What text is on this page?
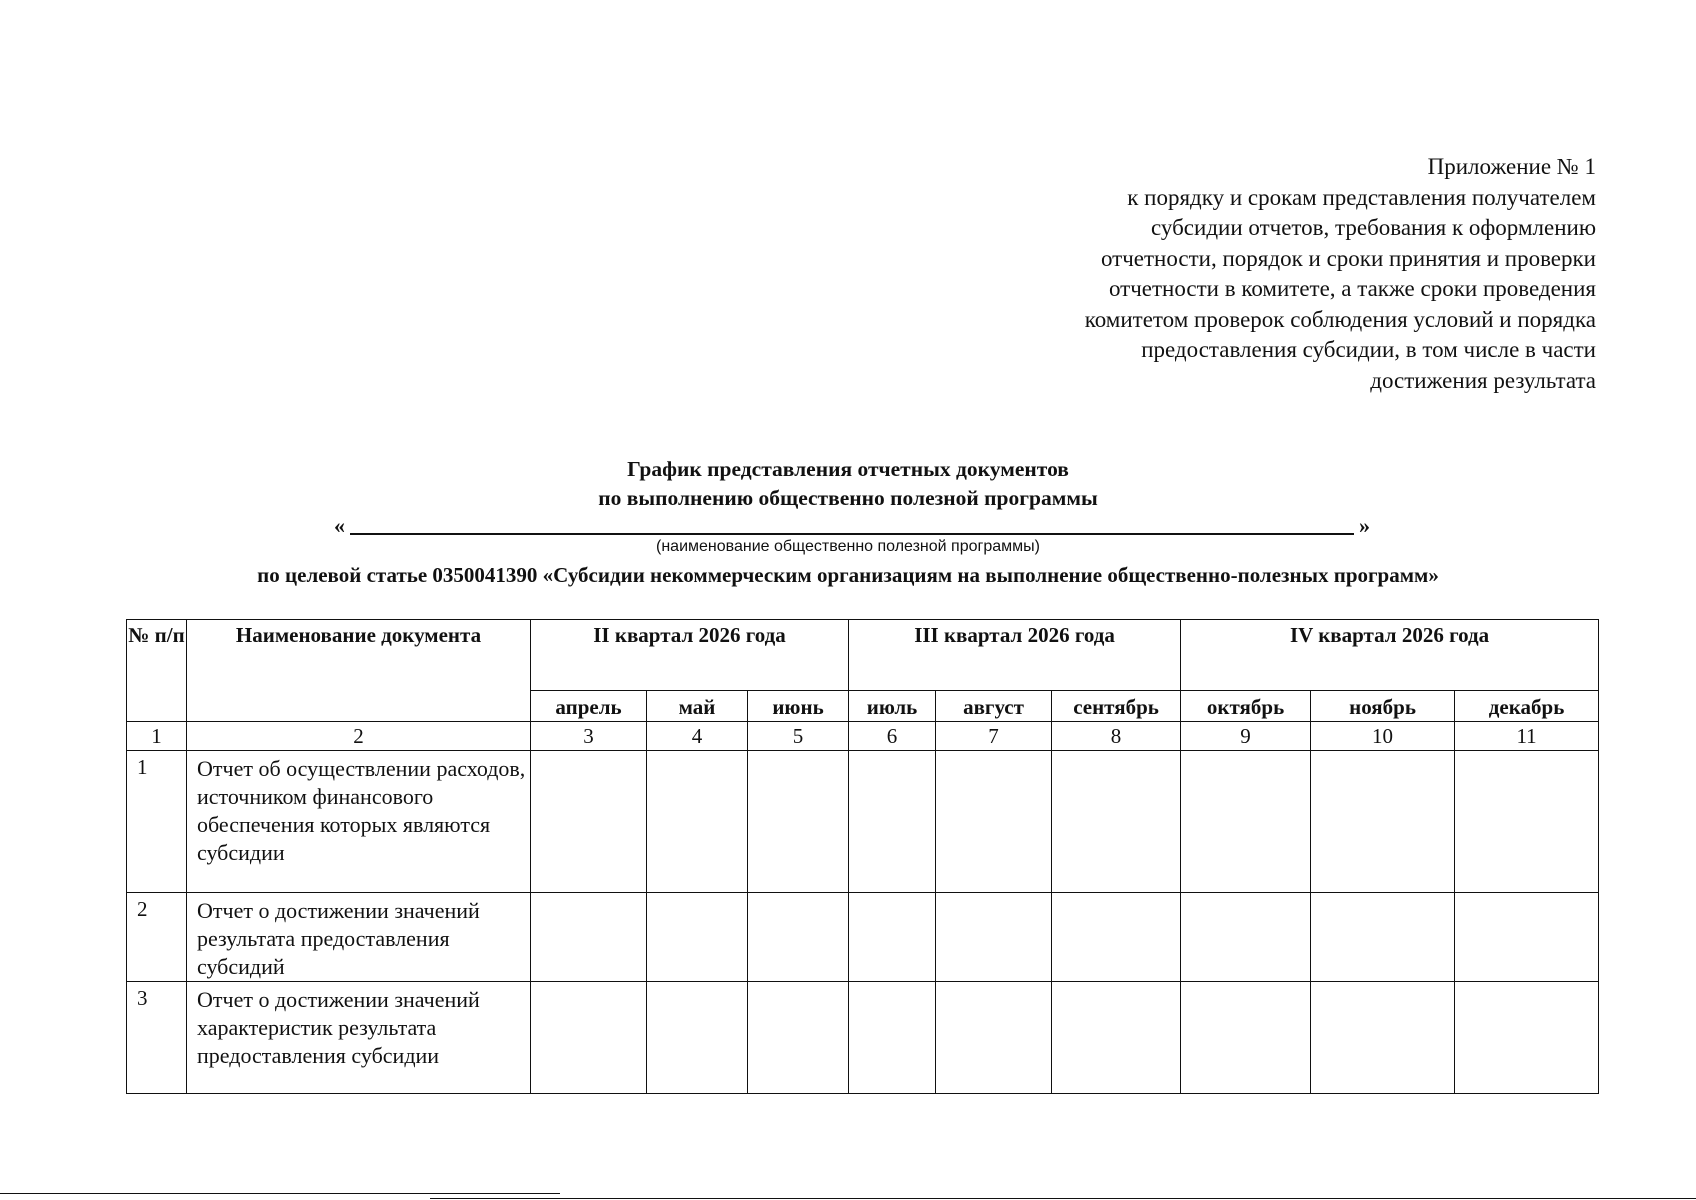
Приложение № 1
к порядку и срокам представления получателем
субсидии отчетов, требования к оформлению
отчетности, порядок и сроки принятия и проверки
отчетности в комитете, а также сроки проведения
комитетом проверок соблюдения условий и порядка
предоставления субсидии, в том числе в части
достижения результата
График представления отчетных документов
по выполнению общественно полезной программы
«	»
(наименование общественно полезной программы)
по целевой статье 0350041390 «Субсидии некоммерческим организациям на выполнение общественно-полезных программ»
№ п/п	Наименование документа	II квартал 2026 года			III квартал 2026 года			IV квартал 2026 года		
		апрель	май	июнь	июль	август	сентябрь	октябрь	ноябрь	декабрь
1	2	3	4	5	6	7	8	9	10	11
1	Отчет об осуществлении расходов, источником финансового обеспечения которых являются субсидии									
2	Отчет о достижении значений результата предоставления субсидий									
3	Отчет о достижении значений характеристик результата предоставления субсидии									
